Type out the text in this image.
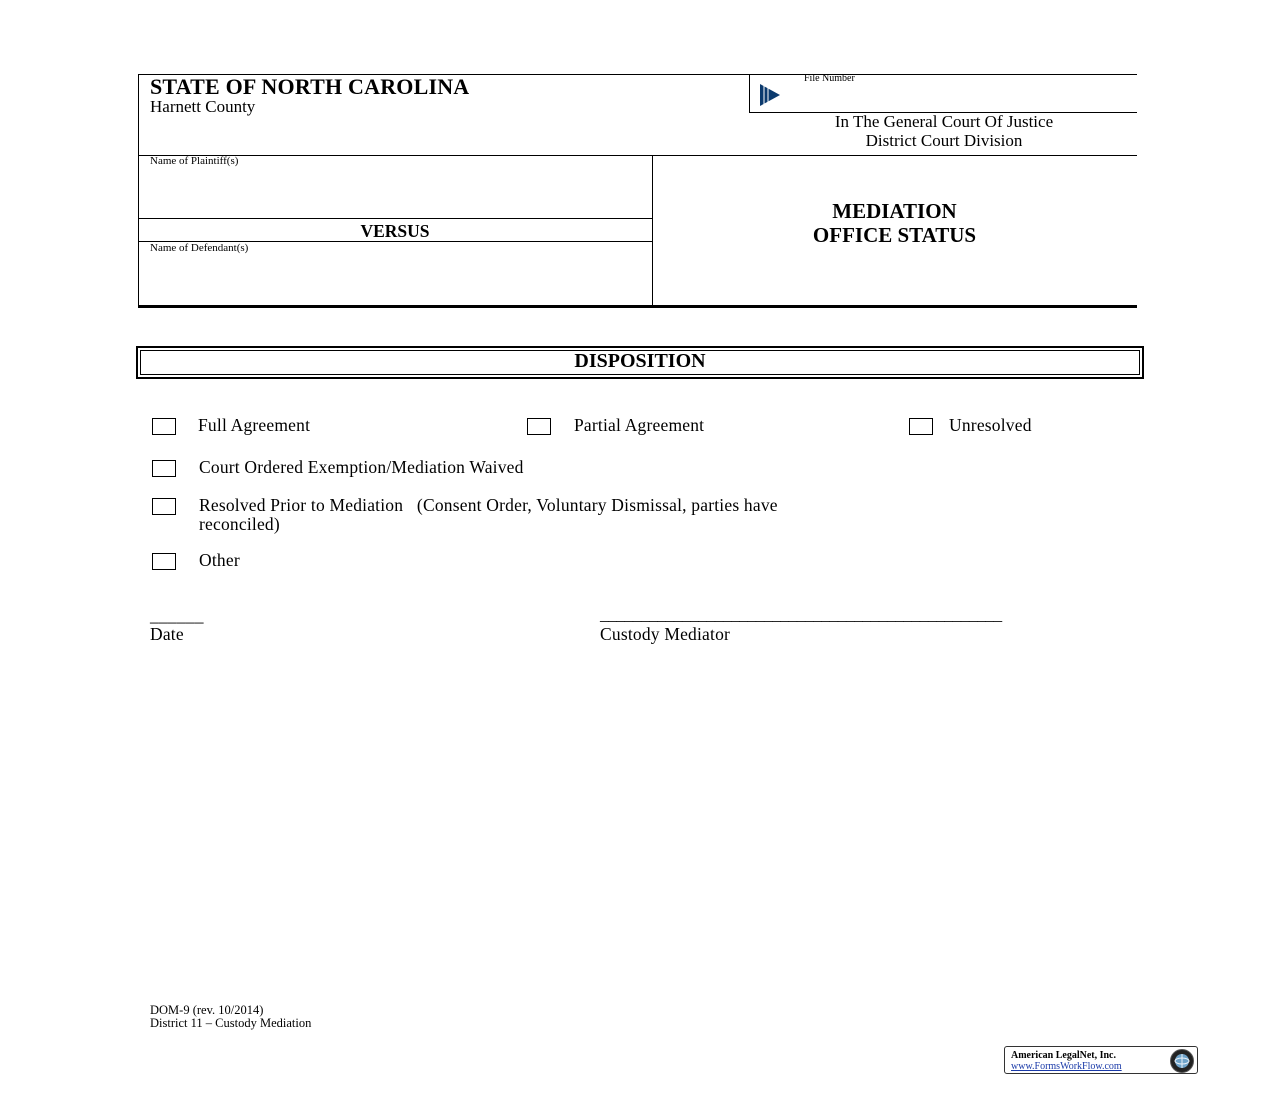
STATE OF NORTH CAROLINA
Harnett County
File Number
In The General Court Of Justice
District Court Division
Name of Plaintiff(s)
VERSUS
Name of Defendant(s)
MEDIATION
OFFICE STATUS
DISPOSITION
Full Agreement	Partial Agreement	Unresolved
Court Ordered Exemption/Mediation Waived
Resolved Prior to Mediation   (Consent Order, Voluntary Dismissal, parties have
reconciled)
Other
______
Date
_________________________________________________
Custody Mediator
DOM-9 (rev. 10/2014)
District 11 – Custody Mediation
American LegalNet, Inc.
www.FormsWorkFlow.com
